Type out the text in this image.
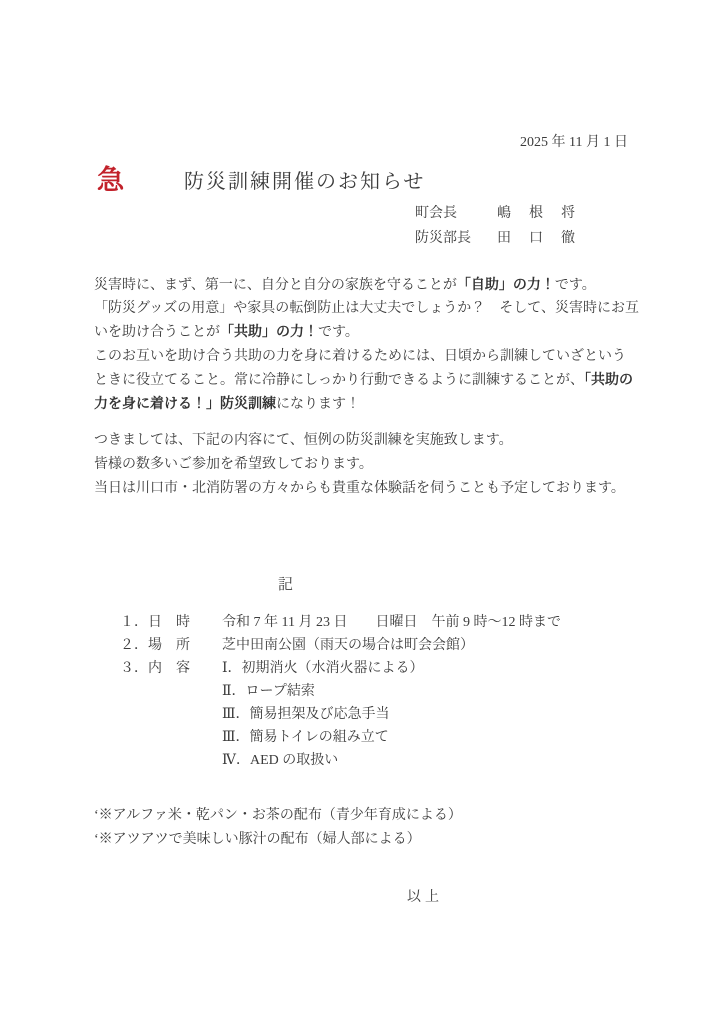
2025 年 11 月 1 日
急	防災訓練開催のお知らせ
町会長	嶋　根　将
防災部長 田　口　徹
災害時に、まず、第一に、自分と自分の家族を守ることが「自助」の力！です。
「防災グッズの用意」や家具の転倒防止は大丈夫でしょうか？　そして、災害時にお互
いを助け合うことが「共助」の力！です。
このお互いを助け合う共助の力を身に着けるためには、日頃から訓練していざという
ときに役立てること。常に冷静にしっかり行動できるように訓練することが、「共助の
力を身に着ける！」防災訓練になります！
つきましては、下記の内容にて、恒例の防災訓練を実施致します。
皆様の数多いご参加を希望致しております。
当日は川口市・北消防署の方々からも貴重な体験話を伺うことも予定しております。
記
１．日　時 令和 7 年 11 月 23 日　　日曜日　午前 9 時～12 時まで
２．場　所 芝中田南公園（雨天の場合は町会会館）
３．内　容 Ⅰ．初期消火（水消火器による）
Ⅱ．ロープ結索
Ⅲ．簡易担架及び応急手当
Ⅲ．簡易トイレの組み立て
Ⅳ．AED の取扱い
‘※アルファ米・乾パン・お茶の配布（青少年育成による）
‘※アツアツで美味しい豚汁の配布（婦人部による）
以上
